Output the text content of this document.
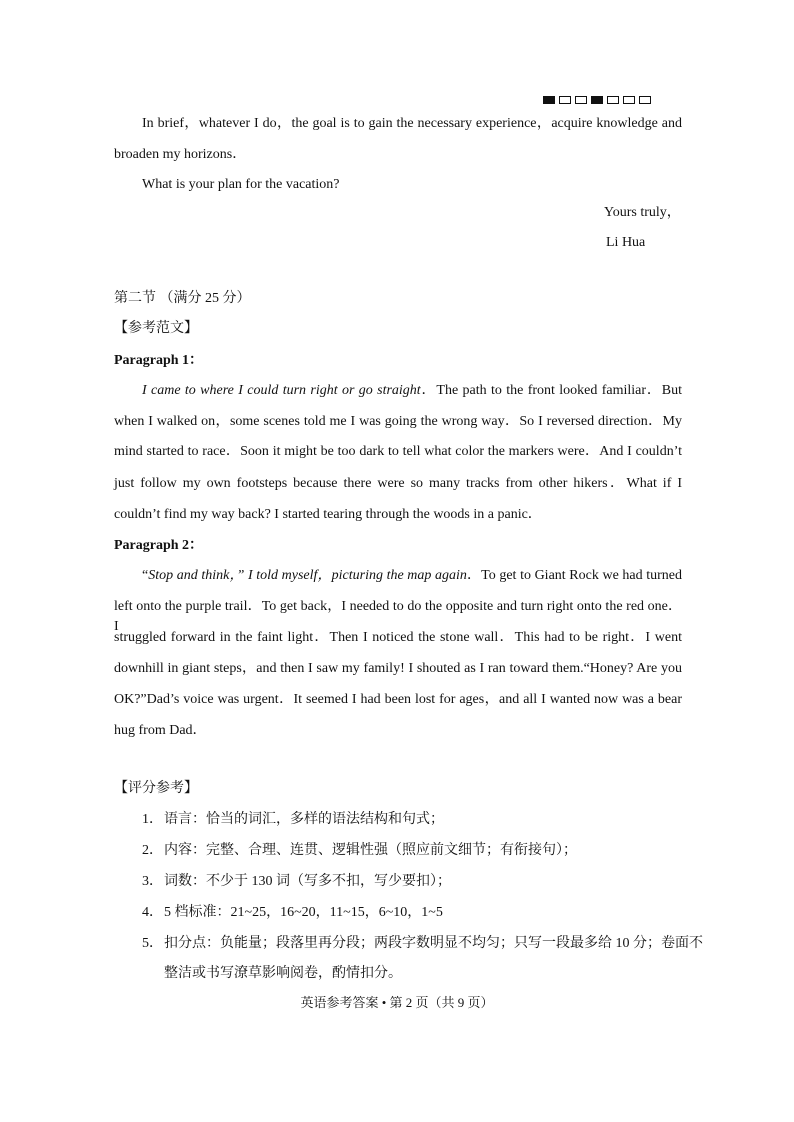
In brief，whatever I do，the goal is to gain the necessary experience，acquire knowledge and
broaden my horizons．
What is your plan for the vacation?
Yours truly，
Li Hua
第二节 （满分 25 分）
【参考范文】
Paragraph 1：
I came to where I could turn right or go straight．The path to the front looked familiar．But
when I walked on，some scenes told me I was going the wrong way．So I reversed direction．My
mind started to race．Soon it might be too dark to tell what color the markers were．And I couldn’t
just follow my own footsteps because there were so many tracks from other hikers．What if I
couldn’t find my way back? I started tearing through the woods in a panic．
Paragraph 2：
“Stop and think，” I told myself，picturing the map again．To get to Giant Rock we had turned
left onto the purple trail．To get back，I needed to do the opposite and turn right onto the red one．I
struggled forward in the faint light．Then I noticed the stone wall．This had to be right．I went
downhill in giant steps，and then I saw my family! I shouted as I ran toward them.“Honey? Are you
OK?”Dad’s voice was urgent．It seemed I had been lost for ages，and all I wanted now was a bear
hug from Dad．
【评分参考】
1．语言：恰当的词汇，多样的语法结构和句式；
2．内容：完整、合理、连贯、逻辑性强（照应前文细节；有衔接句）；
3．词数：不少于 130 词（写多不扣，写少要扣）；
4．5 档标准：21~25，16~20，11~15，6~10，1~5
5．扣分点：负能量；段落里再分段；两段字数明显不均匀；只写一段最多给 10 分；卷面不
整洁或书写潦草影响阅卷，酌情扣分。
英语参考答案 • 第 2 页（共 9 页）
